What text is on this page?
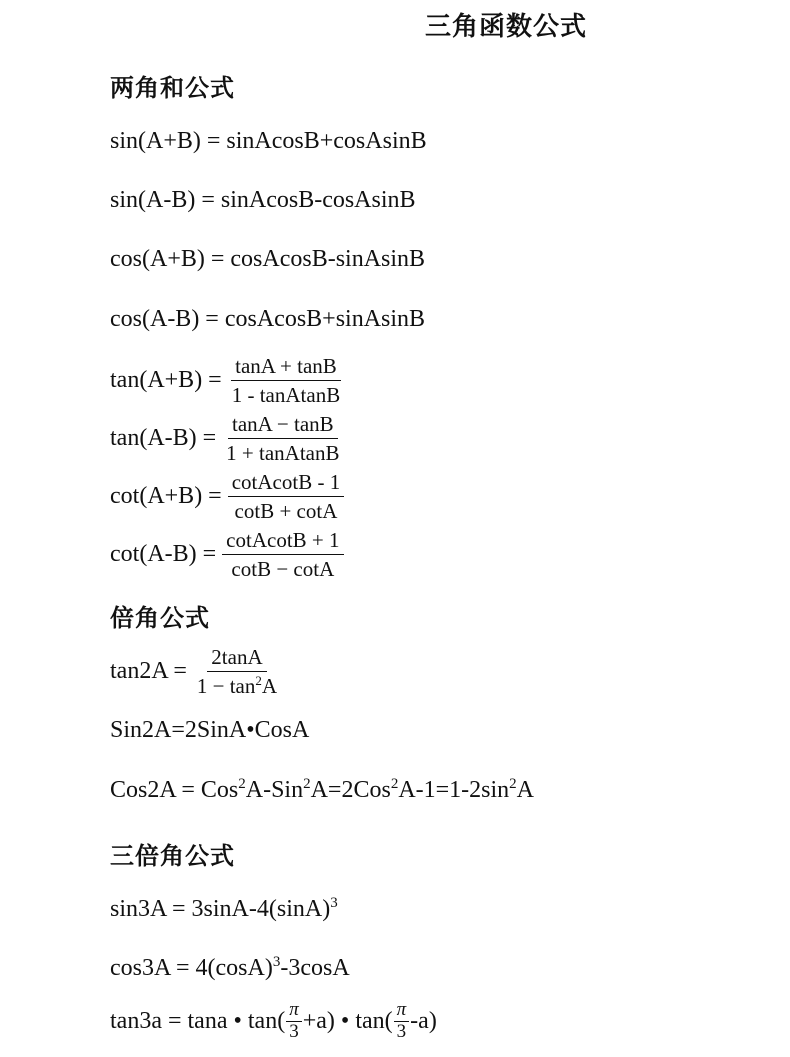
三角函数公式
两角和公式
sin(A+B) = sinAcosB+cosAsinB
sin(A-B) = sinAcosB-cosAsinB
cos(A+B) = cosAcosB-sinAsinB
cos(A-B) = cosAcosB+sinAsinB
$\tan(A+B) = \frac{\tan A + \tan B}{\text{1 - tanAtanB}}$
$\tan(A-B) = \frac{\tan A - \tan B}{\text{1 + tanAtanB}}$
$\cot(A+B) = \frac{\text{cotAcotB - 1}}{\cot B + \cot A}$
$\cot(A-B) = \frac{\text{cotAcotB + 1}}{\cot B - \cot A}$
倍角公式
$\tan 2A = \frac{2\tan A}{1 - \tan^2A}$
Sin2A=2SinA•CosA
$Cos2A = Cos^2A-Sin^2A=2Cos^2A-1=1-2\sin^2A$
三倍角公式
$\sin 3A = 3\sin A-4(\sin A)^3$
$\cos 3A = 4(\cos A)^3-3\cos A$
tan3a = tana • $\tan( \frac{\pi}{3} +a)$ • $\tan( \frac{\pi}{3} -a)$
